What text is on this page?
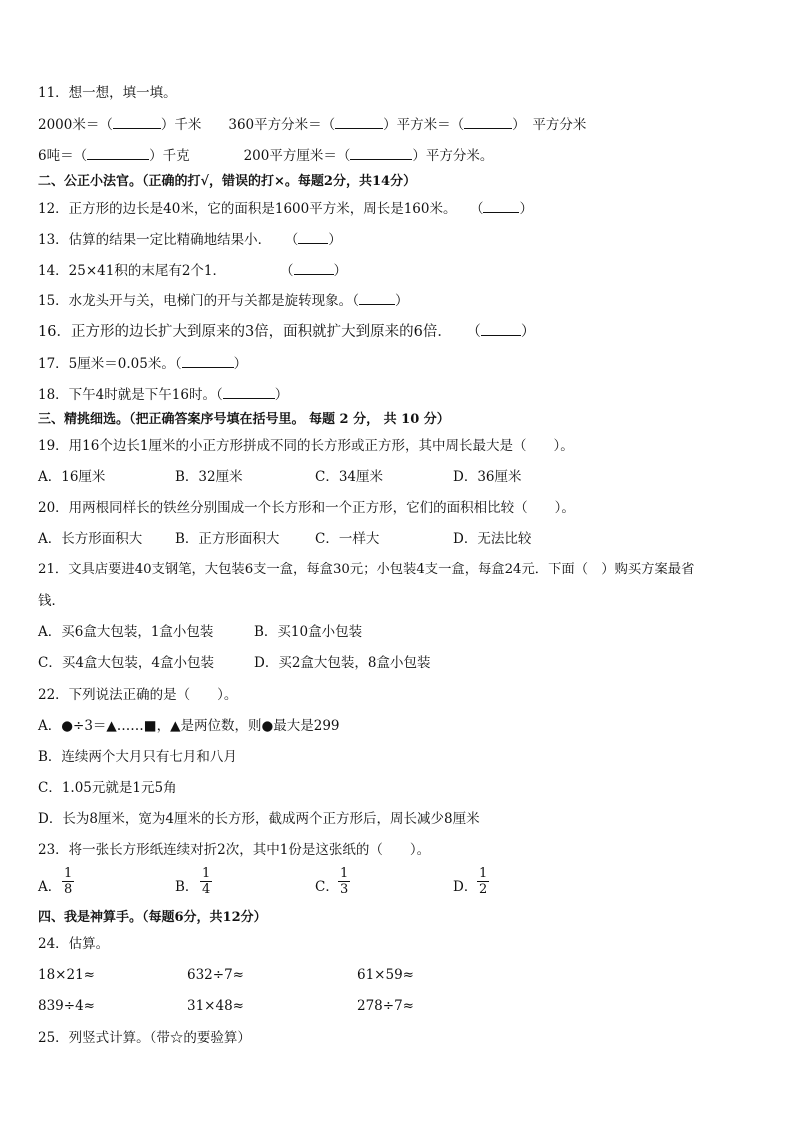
11．想一想，填一填。
2000米＝（	）千米　　 360平方分米＝（	）平方米＝（	）　 平方分米
6吨＝（	）千克　　　　	200平方厘米＝（	）平方分米。
二、公正小法官。（正确的打√，错误的打×。每题2分，共14分）
12．正方形的边长是40米，它的面积是1600平方米，周长是160米。　　 （	）
13．估算的结果一定比精确地结果小．　　 （ ）
14．25×41积的末尾有2个1．　　　　　	（	）
15．水龙头开与关，电梯门的开与关都是旋转现象。（	）
16．正方形的边长扩大到原来的3倍，面积就扩大到原来的6倍．　　 （	）
17．5厘米＝0.05米。（	）
18．下午4时就是下午16时。（	）
三、精挑细选。（把正确答案序号填在括号里。 每题 2 分， 共 10 分）
19．用16个边长1厘米的小正方形拼成不同的长方形或正方形，其中周长最大是（　　）。
A．16厘米	B．32厘米	C．34厘米	D．36厘米
20．用两根同样长的铁丝分别围成一个长方形和一个正方形，它们的面积相比较（　　）。
A．长方形面积大 B．正方形面积大	C．一样大	D．无法比较
21．文具店要进40支钢笔，大包装6支一盒，每盒30元；小包装4支一盒，每盒24元．下面（　）购买方案最省
钱．
A．买6盒大包装，1盒小包装	B．买10盒小包装
C．买4盒大包装，4盒小包装	D．买2盒大包装，8盒小包装
22．下列说法正确的是（　　）。
A．●÷3＝▲……■，▲是两位数，则●最大是299
B．连续两个大月只有七月和八月
C．1.05元就是1元5角
D．长为8厘米，宽为4厘米的长方形，截成两个正方形后，周长减少8厘米
23．将一张长方形纸连续对折2次，其中1份是这张纸的（　　）。
A． $\frac{1}{8}$	B． $\frac{1}{4}$	C． $\frac{1}{3}$	D． $\frac{1}{2}$
四、我是神算手。（每题6分，共12分）
24．估算。
18×21≈	632÷7≈	61×59≈
839÷4≈	31×48≈	278÷7≈
25．列竖式计算。（带☆的要验算）
